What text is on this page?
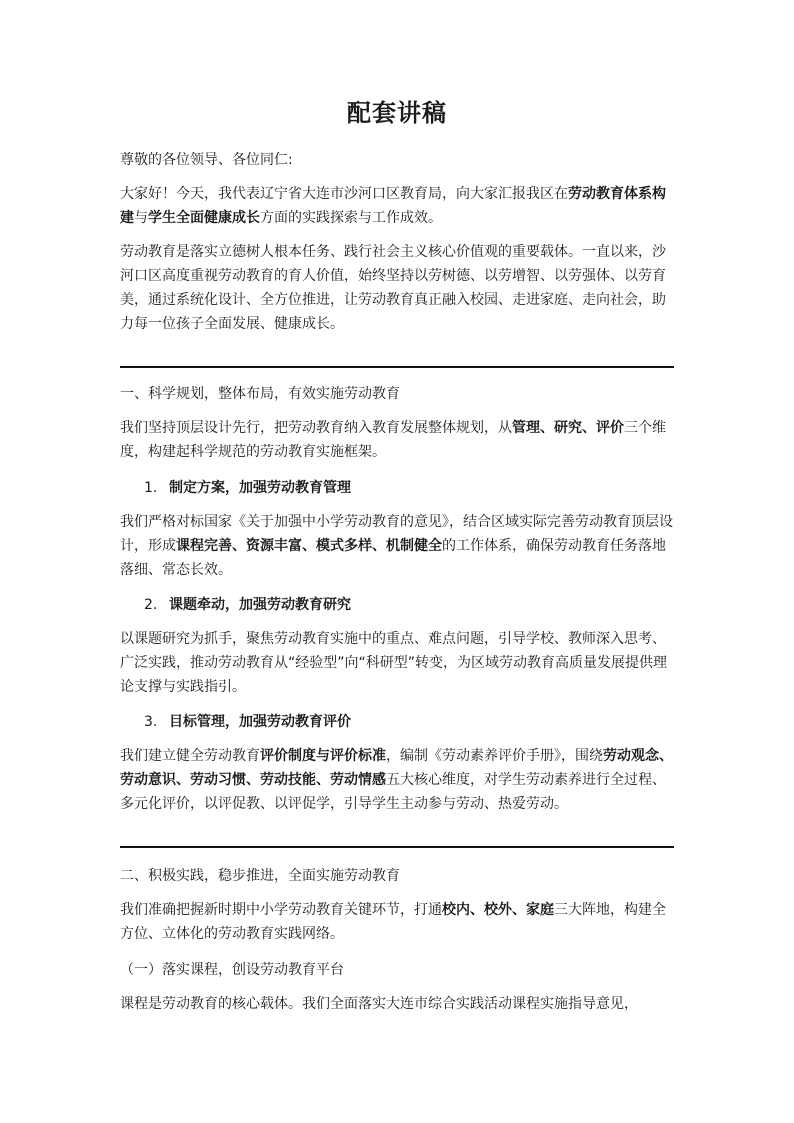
配套讲稿

尊敬的各位领导、各位同仁:

大家好！今天，我代表辽宁省大连市沙河口区教育局，向大家汇报我区在劳动教育体系构建与学生全面健康成长方面的实践探索与工作成效。

劳动教育是落实立德树人根本任务、践行社会主义核心价值观的重要载体。一直以来，沙河口区高度重视劳动教育的育人价值，始终坚持以劳树德、以劳增智、以劳强体、以劳育美，通过系统化设计、全方位推进，让劳动教育真正融入校园、走进家庭、走向社会，助力每一位孩子全面发展、健康成长。

一、科学规划，整体布局，有效实施劳动教育

我们坚持顶层设计先行，把劳动教育纳入教育发展整体规划，从管理、研究、评价三个维度，构建起科学规范的劳动教育实施框架。

1. 制定方案，加强劳动教育管理

我们严格对标国家《关于加强中小学劳动教育的意见》，结合区域实际完善劳动教育顶层设计，形成课程完善、资源丰富、模式多样、机制健全的工作体系，确保劳动教育任务落地落细、常态长效。

2. 课题牵动，加强劳动教育研究

以课题研究为抓手，聚焦劳动教育实施中的重点、难点问题，引导学校、教师深入思考、广泛实践，推动劳动教育从“经验型”向“科研型”转变，为区域劳动教育高质量发展提供理论支撑与实践指引。

3. 目标管理，加强劳动教育评价

我们建立健全劳动教育评价制度与评价标准，编制《劳动素养评价手册》，围绕劳动观念、劳动意识、劳动习惯、劳动技能、劳动情感五大核心维度，对学生劳动素养进行全过程、多元化评价，以评促教、以评促学，引导学生主动参与劳动、热爱劳动。

二、积极实践，稳步推进，全面实施劳动教育

我们准确把握新时期中小学劳动教育关键环节，打通校内、校外、家庭三大阵地，构建全方位、立体化的劳动教育实践网络。

（一）落实课程，创设劳动教育平台

课程是劳动教育的核心载体。我们全面落实大连市综合实践活动课程实施指导意见，
